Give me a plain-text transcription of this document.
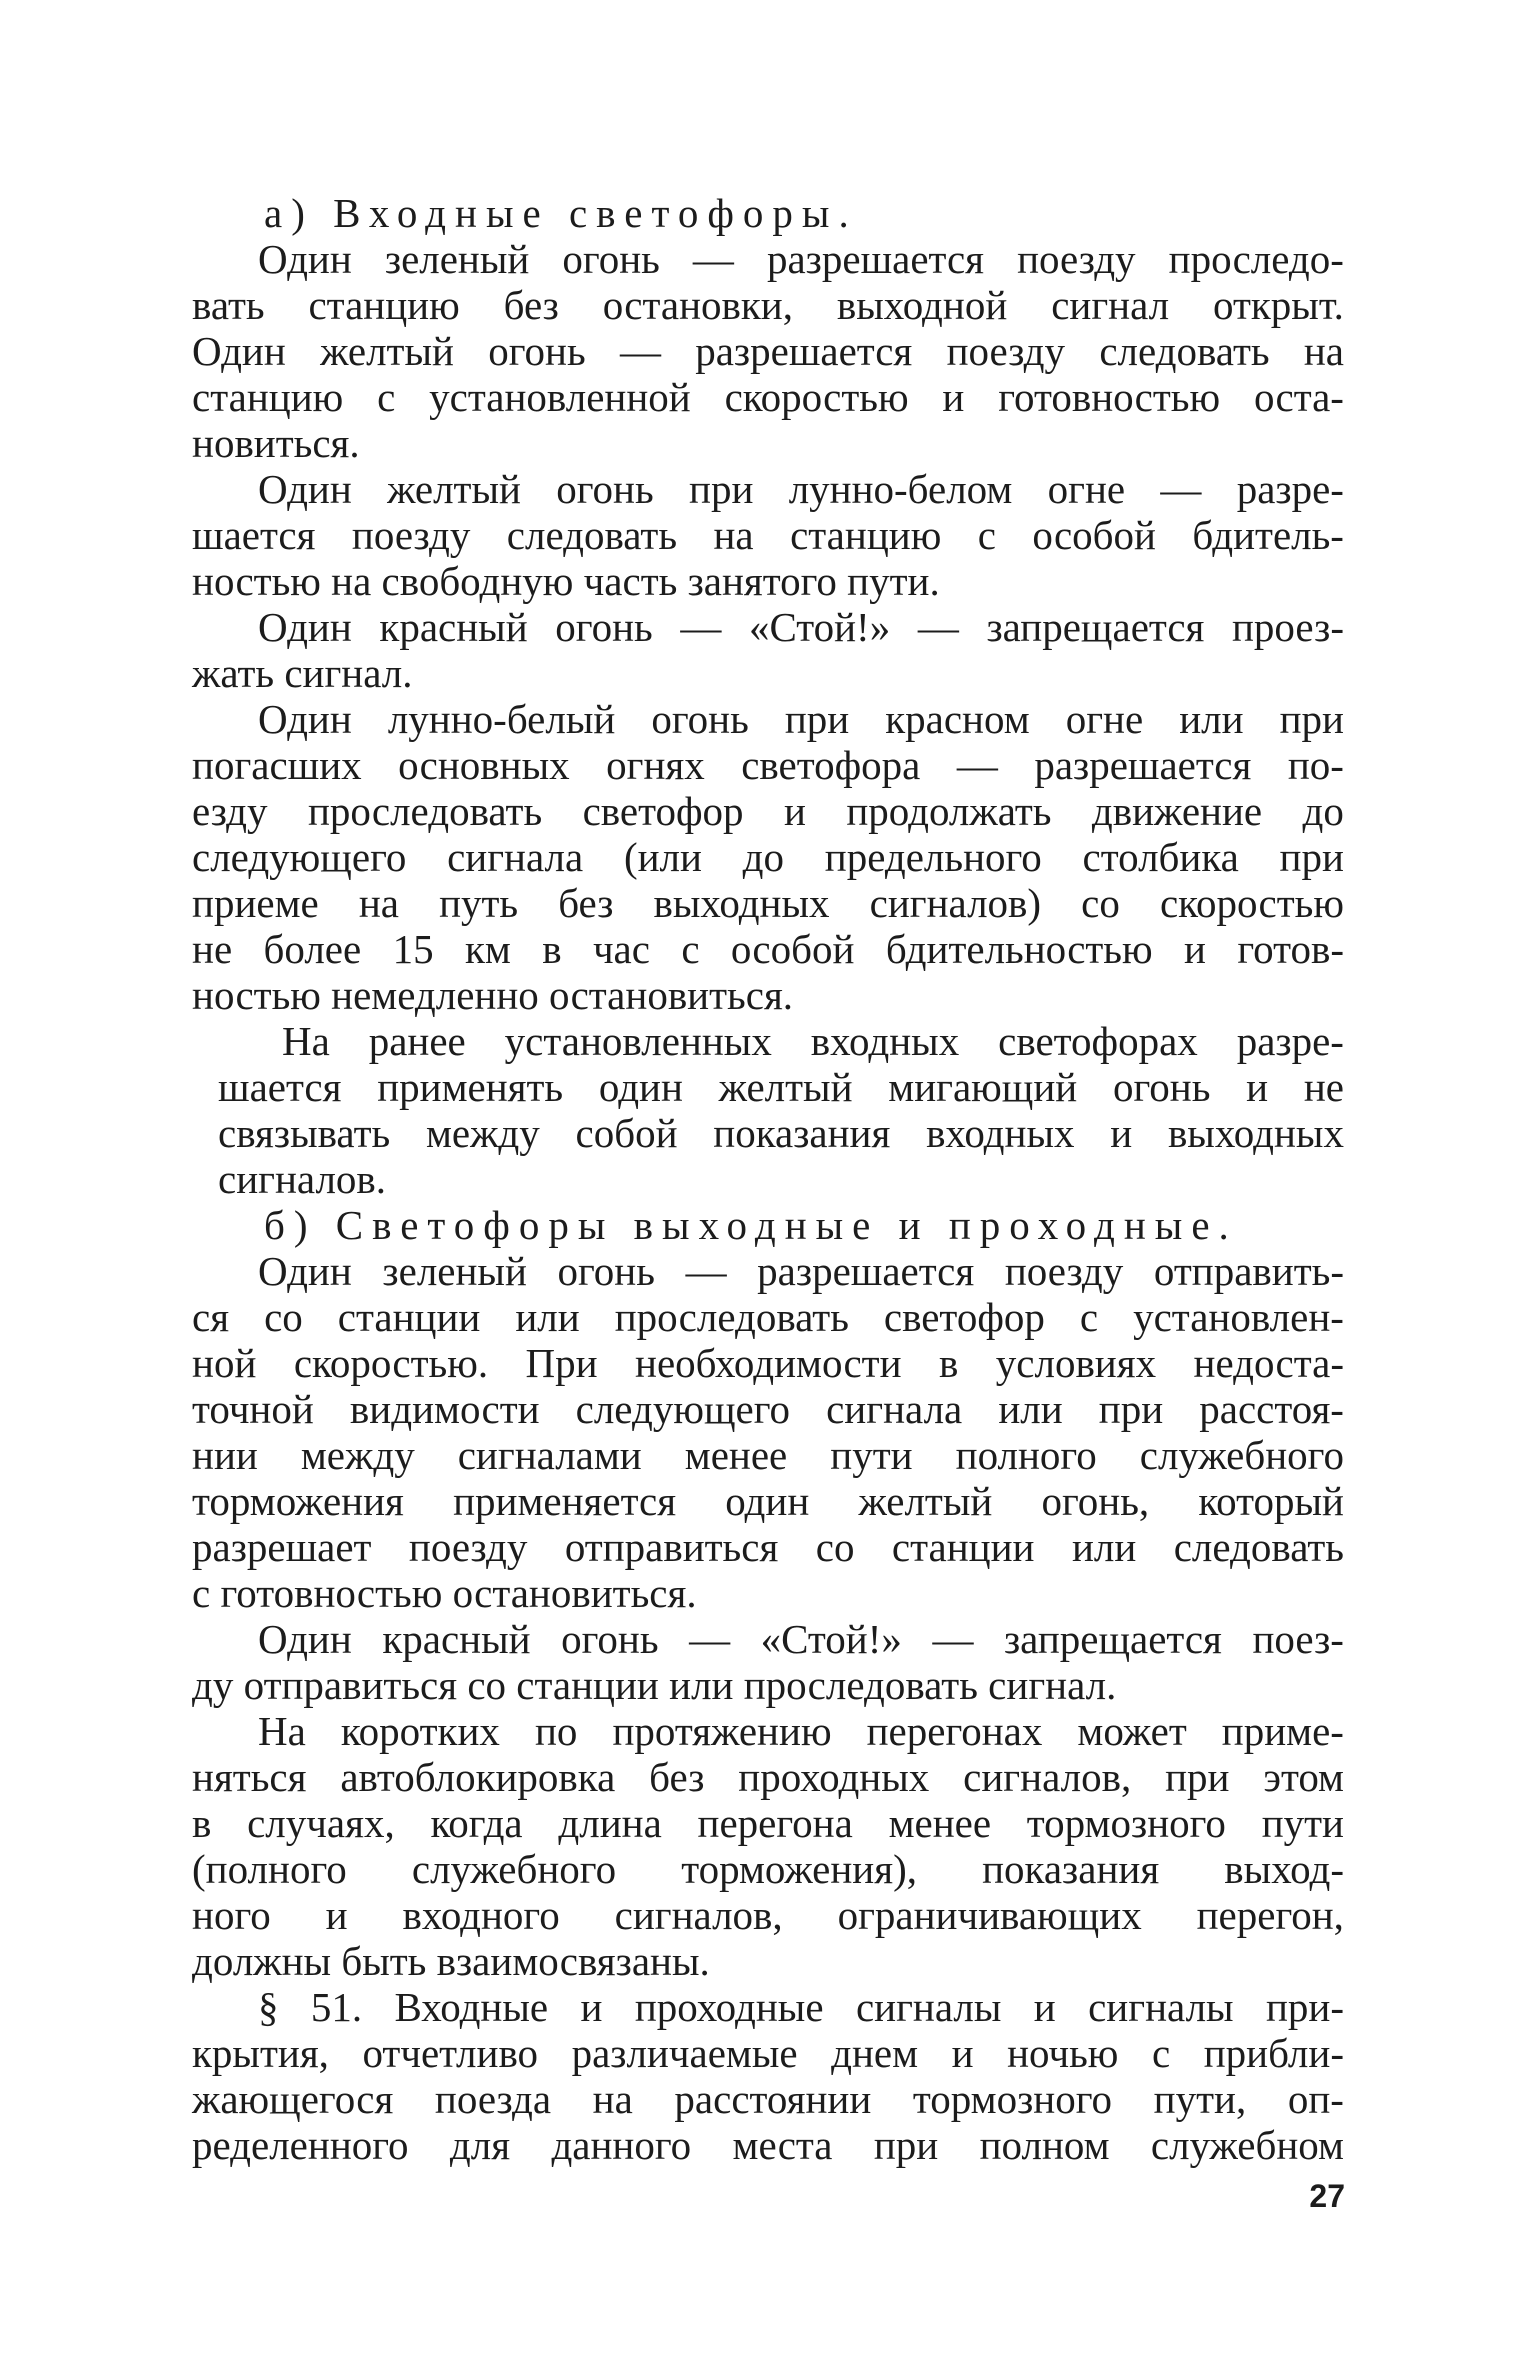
а) Входные светофоры.
Один зеленый огонь — разрешается поезду проследо-
вать станцию без остановки, выходной сигнал открыт.
Один желтый огонь — разрешается поезду следовать на
станцию с установленной скоростью и готовностью оста-
новиться.
Один желтый огонь при лунно-белом огне — разре-
шается поезду следовать на станцию с особой бдитель-
ностью на свободную часть занятого пути.
Один красный огонь — «Стой!» — запрещается проез-
жать сигнал.
Один лунно-белый огонь при красном огне или при
погасших основных огнях светофора — разрешается по-
езду проследовать светофор и продолжать движение до
следующего сигнала (или до предельного столбика при
приеме на путь без выходных сигналов) со скоростью
не более 15 км в час с особой бдительностью и готов-
ностью немедленно остановиться.
На ранее установленных входных светофорах разре-
шается применять один желтый мигающий огонь и не
связывать между собой показания входных и выходных
сигналов.
б) Светофоры выходные и проходные.
Один зеленый огонь — разрешается поезду отправить-
ся со станции или проследовать светофор с установлен-
ной скоростью. При необходимости в условиях недоста-
точной видимости следующего сигнала или при расстоя-
нии между сигналами менее пути полного служебного
торможения применяется один желтый огонь, который
разрешает поезду отправиться со станции или следовать
с готовностью остановиться.
Один красный огонь — «Стой!» — запрещается поез-
ду отправиться со станции или проследовать сигнал.
На коротких по протяжению перегонах может приме-
няться автоблокировка без проходных сигналов, при этом
в случаях, когда длина перегона менее тормозного пути
(полного служебного торможения), показания выход-
ного и входного сигналов, ограничивающих перегон,
должны быть взаимосвязаны.
§ 51. Входные и проходные сигналы и сигналы при-
крытия, отчетливо различаемые днем и ночью с прибли-
жающегося поезда на расстоянии тормозного пути, оп-
ределенного для данного места при полном служебном
27
